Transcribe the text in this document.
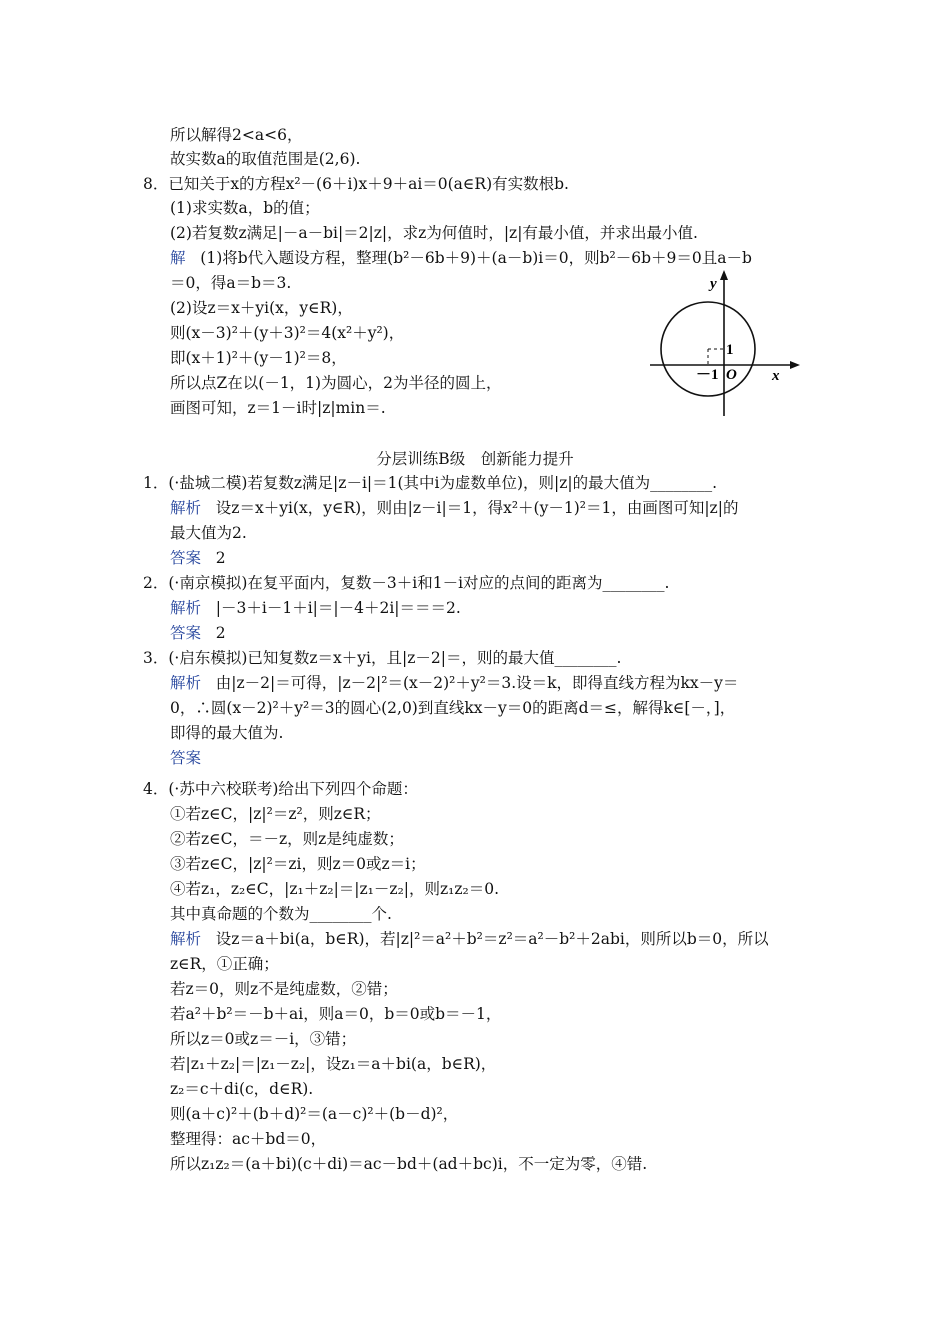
所以解得2<a<6，
故实数a的取值范围是(2,6).
8．已知关于x的方程x²－(6＋i)x＋9＋ai＝0(a∈R)有实数根b.
(1)求实数a，b的值；
(2)若复数z满足|－a－bi|＝2|z|，求z为何值时，|z|有最小值，并求出最小值.
解 (1)将b代入题设方程，整理(b²－6b＋9)＋(a－b)i＝0，则b²－6b＋9＝0且a－b
＝0，得a＝b＝3.
(2)设z＝x＋yi(x，y∈R)，
则(x－3)²＋(y＋3)²＝4(x²＋y²)，
即(x＋1)²＋(y－1)²＝8，
所以点Z在以(－1，1)为圆心，2为半径的圆上，
画图可知，z＝1－i时|z|min＝.
1．(·盐城二模)若复数z满足|z－i|＝1(其中i为虚数单位)，则|z|的最大值为________.
解析 设z＝x＋yi(x，y∈R)，则由|z－i|＝1，得x²＋(y－1)²＝1，由画图可知|z|的
最大值为2.
答案 2
2．(·南京模拟)在复平面内，复数－3＋i和1－i对应的点间的距离为________.
解析 |－3＋i－1＋i|＝|－4＋2i|＝＝＝2.
答案 2
3．(·启东模拟)已知复数z＝x＋yi，且|z－2|＝，则的最大值________.
解析 由|z－2|＝可得，|z－2|²＝(x－2)²＋y²＝3.设＝k，即得直线方程为kx－y＝
0，∴圆(x－2)²＋y²＝3的圆心(2,0)到直线kx－y＝0的距离d＝≤，解得k∈[－，]，
即得的最大值为.
答案
4．(·苏中六校联考)给出下列四个命题：
①若z∈C，|z|²＝z²，则z∈R；
②若z∈C，＝－z，则z是纯虚数；
③若z∈C，|z|²＝zi，则z＝0或z＝i；
④若z₁，z₂∈C，|z₁＋z₂|＝|z₁－z₂|，则z₁z₂＝0.
其中真命题的个数为________个.
解析 设z＝a＋bi(a，b∈R)，若|z|²＝a²＋b²＝z²＝a²－b²＋2abi，则所以b＝0，所以
z∈R，①正确；
若z＝0，则z不是纯虚数，②错；
若a²＋b²＝－b＋ai，则a＝0，b＝0或b＝－1，
所以z＝0或z＝－i，③错；
若|z₁＋z₂|＝|z₁－z₂|，设z₁＝a＋bi(a，b∈R)，
z₂＝c＋di(c，d∈R).
则(a＋c)²＋(b＋d)²＝(a－c)²＋(b－d)²，
整理得：ac＋bd＝0，
所以z₁z₂＝(a＋bi)(c＋di)＝ac－bd＋(ad＋bc)i，不一定为零，④错.
分层训练B级　创新能力提升
y
x
1
－1 O
